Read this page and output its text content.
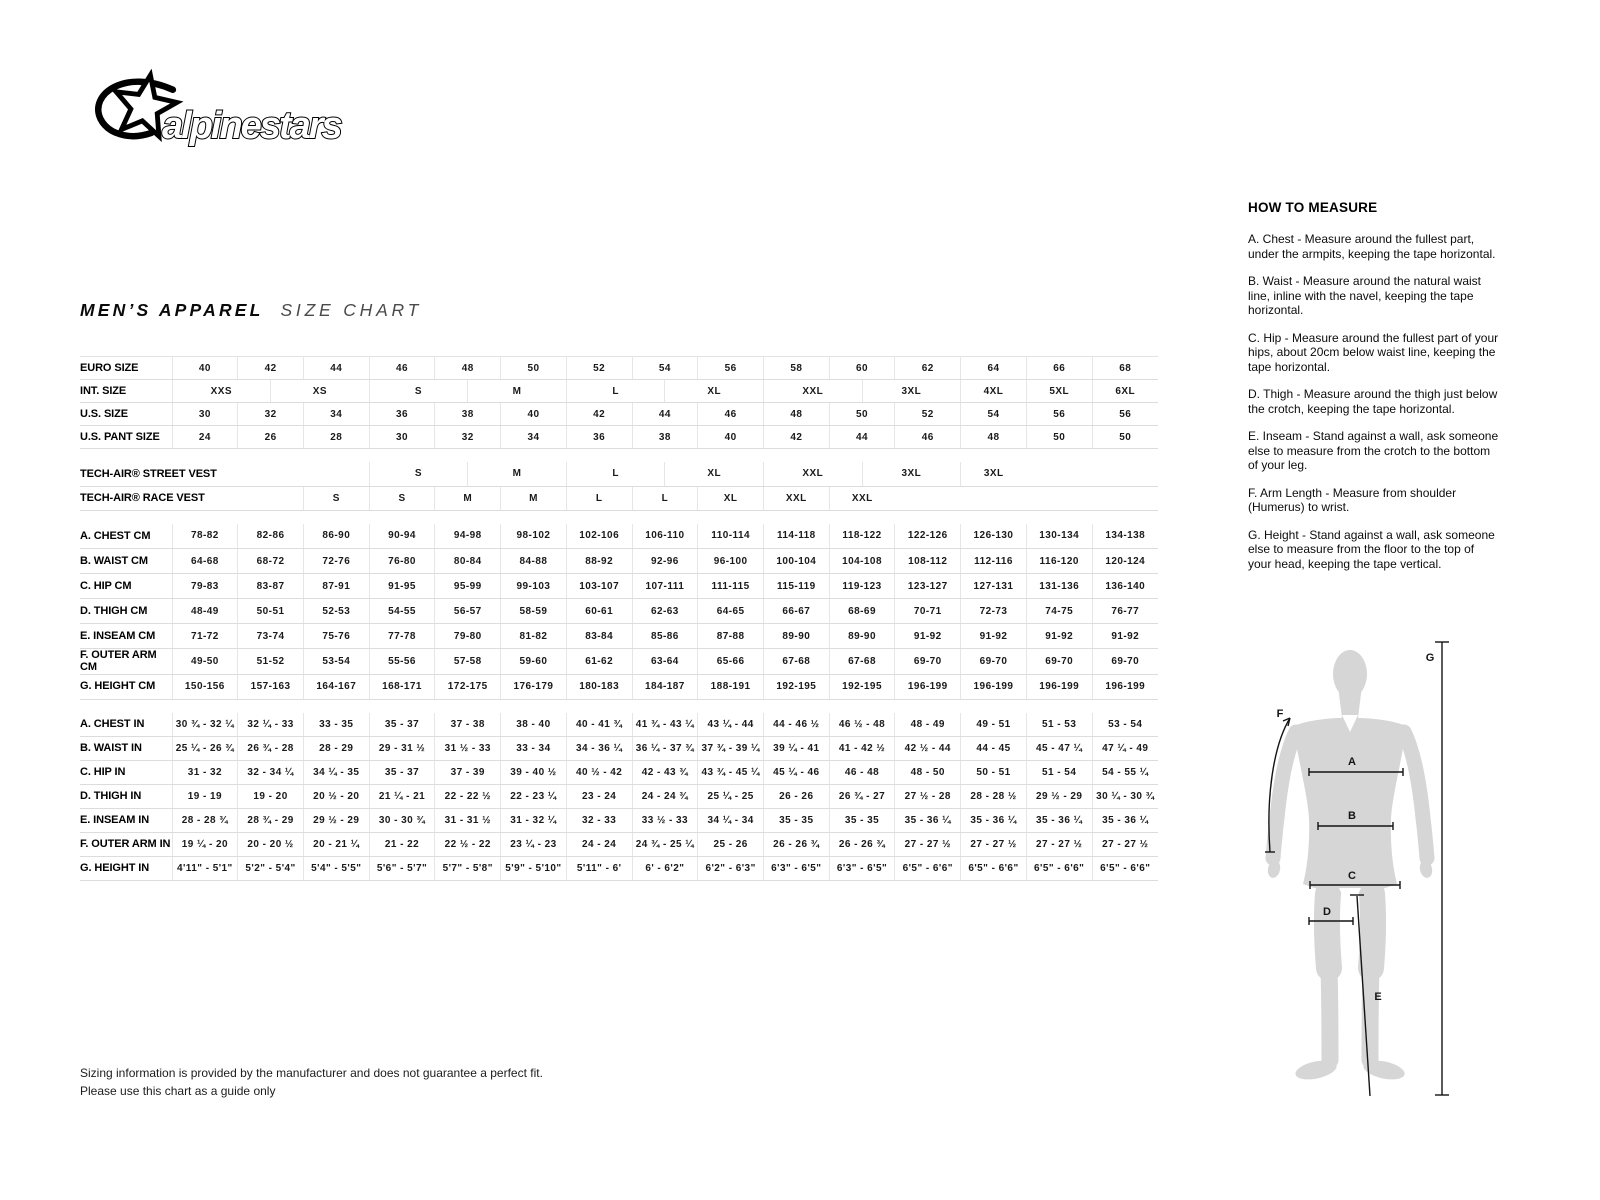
alpinestars
MEN’S APPAREL SIZE CHART
EURO SIZE	40	42		44	46	48		50	52	54		56	58	60		62	64	66	68
INT. SIZE	XXS		XS		S		M		L		XL		XXL		3XL		4XL	5XL	6XL
U.S. SIZE	30	32		34	36	38		40	42	44		46	48	50		52	54	56	56
U.S. PANT SIZE	24	26		28	30	32		34	36	38		40	42	44		46	48	50	50

TECH-AIR® STREET VEST					S		M		L		XL		XXL		3XL		3XL		
TECH-AIR® RACE VEST				S	S	M		M	L	L		XL	XXL	XXL					

A. CHEST CM	78-82	82-86		86-90	90-94	94-98		98-102	102-106	106-110		110-114	114-118	118-122		122-126	126-130	130-134	134-138
B. WAIST CM	64-68	68-72		72-76	76-80	80-84		84-88	88-92	92-96		96-100	100-104	104-108		108-112	112-116	116-120	120-124
C. HIP CM	79-83	83-87		87-91	91-95	95-99		99-103	103-107	107-111		111-115	115-119	119-123		123-127	127-131	131-136	136-140
D. THIGH CM	48-49	50-51		52-53	54-55	56-57		58-59	60-61	62-63		64-65	66-67	68-69		70-71	72-73	74-75	76-77
E. INSEAM CM	71-72	73-74		75-76	77-78	79-80		81-82	83-84	85-86		87-88	89-90	89-90		91-92	91-92	91-92	91-92
F. OUTER ARM CM	49-50	51-52		53-54	55-56	57-58		59-60	61-62	63-64		65-66	67-68	67-68		69-70	69-70	69-70	69-70
G. HEIGHT CM	150-156	157-163		164-167	168-171	172-175		176-179	180-183	184-187		188-191	192-195	192-195		196-199	196-199	196-199	196-199

A. CHEST IN	30 ¾ - 32 ¼	32 ¼ - 33		33 - 35	35 - 37	37 - 38		38 - 40	40 - 41 ¾	41 ¾ - 43 ¼		43 ¼ - 44	44 - 46 ½	46 ½ - 48		48 - 49	49 - 51	51 - 53	53 - 54
B. WAIST IN	25 ¼ - 26 ¾	26 ¾ - 28		28 - 29	29 - 31 ½	31 ½ - 33		33 - 34	34 - 36 ¼	36 ¼ - 37 ¾		37 ¾ - 39 ¼	39 ¼ - 41	41 - 42 ½		42 ½ - 44	44 - 45	45 - 47 ¼	47 ¼ - 49
C. HIP IN	31 - 32	32 - 34 ¼		34 ¼ - 35	35 - 37	37 - 39		39 - 40 ½	40 ½ - 42	42 - 43 ¾		43 ¾ - 45 ¼	45 ¼ - 46	46 - 48		48 - 50	50 - 51	51 - 54	54 - 55 ¼
D. THIGH IN	19 - 19	19 - 20		20 ½ - 20	21 ¼ - 21	22 - 22 ½		22 - 23 ¼	23 - 24	24 - 24 ¾		25 ¼ - 25	26 - 26	26 ¾ - 27		27 ½ - 28	28 - 28 ½	29 ½ - 29	30 ¼ - 30 ¾
E. INSEAM IN	28 - 28 ¾	28 ¾ - 29		29 ½ - 29	30 - 30 ¾	31 - 31 ½		31 - 32 ¼	32 - 33	33 ½ - 33		34 ¼ - 34	35 - 35	35 - 35		35 - 36 ¼	35 - 36 ¼	35 - 36 ¼	35 - 36 ¼
F. OUTER ARM IN	19 ¼ - 20	20 - 20 ½		20 - 21 ¼	21 - 22	22 ½ - 22		23 ¼ - 23	24 - 24	24 ¾ - 25 ¼		25 - 26	26 - 26 ¾	26 - 26 ¾		27 - 27 ½	27 - 27 ½	27 - 27 ½	27 - 27 ½
G. HEIGHT IN	4'11" - 5'1"	5'2" - 5'4"		5'4" - 5'5"	5'6" - 5'7"	5'7" - 5'8"		5'9" - 5'10"	5'11" - 6'	6' - 6'2"		6'2" - 6'3"	6'3" - 6'5"	6'3" - 6'5"		6'5" - 6'6"	6'5" - 6'6"	6'5" - 6'6"	6'5" - 6'6"
HOW TO MEASURE

A. Chest - Measure around the fullest part, under the armpits, keeping the tape horizontal.

B. Waist - Measure around the natural waist line, inline with the navel, keeping the tape horizontal.

C. Hip - Measure around the fullest part of your hips, about 20cm below waist line, keeping the tape horizontal.

D. Thigh - Measure around the thigh just below the crotch, keeping the tape horizontal.

E. Inseam - Stand against a wall, ask someone else to measure from the crotch to the bottom of your leg.

F. Arm Length - Measure from shoulder (Humerus) to wrist.

G. Height - Stand against a wall, ask someone else to measure from the floor to the top of your head, keeping the tape vertical.

A
B
C
D
E
F
G
Sizing information is provided by the manufacturer and does not guarantee a perfect fit.
Please use this chart as a guide only
